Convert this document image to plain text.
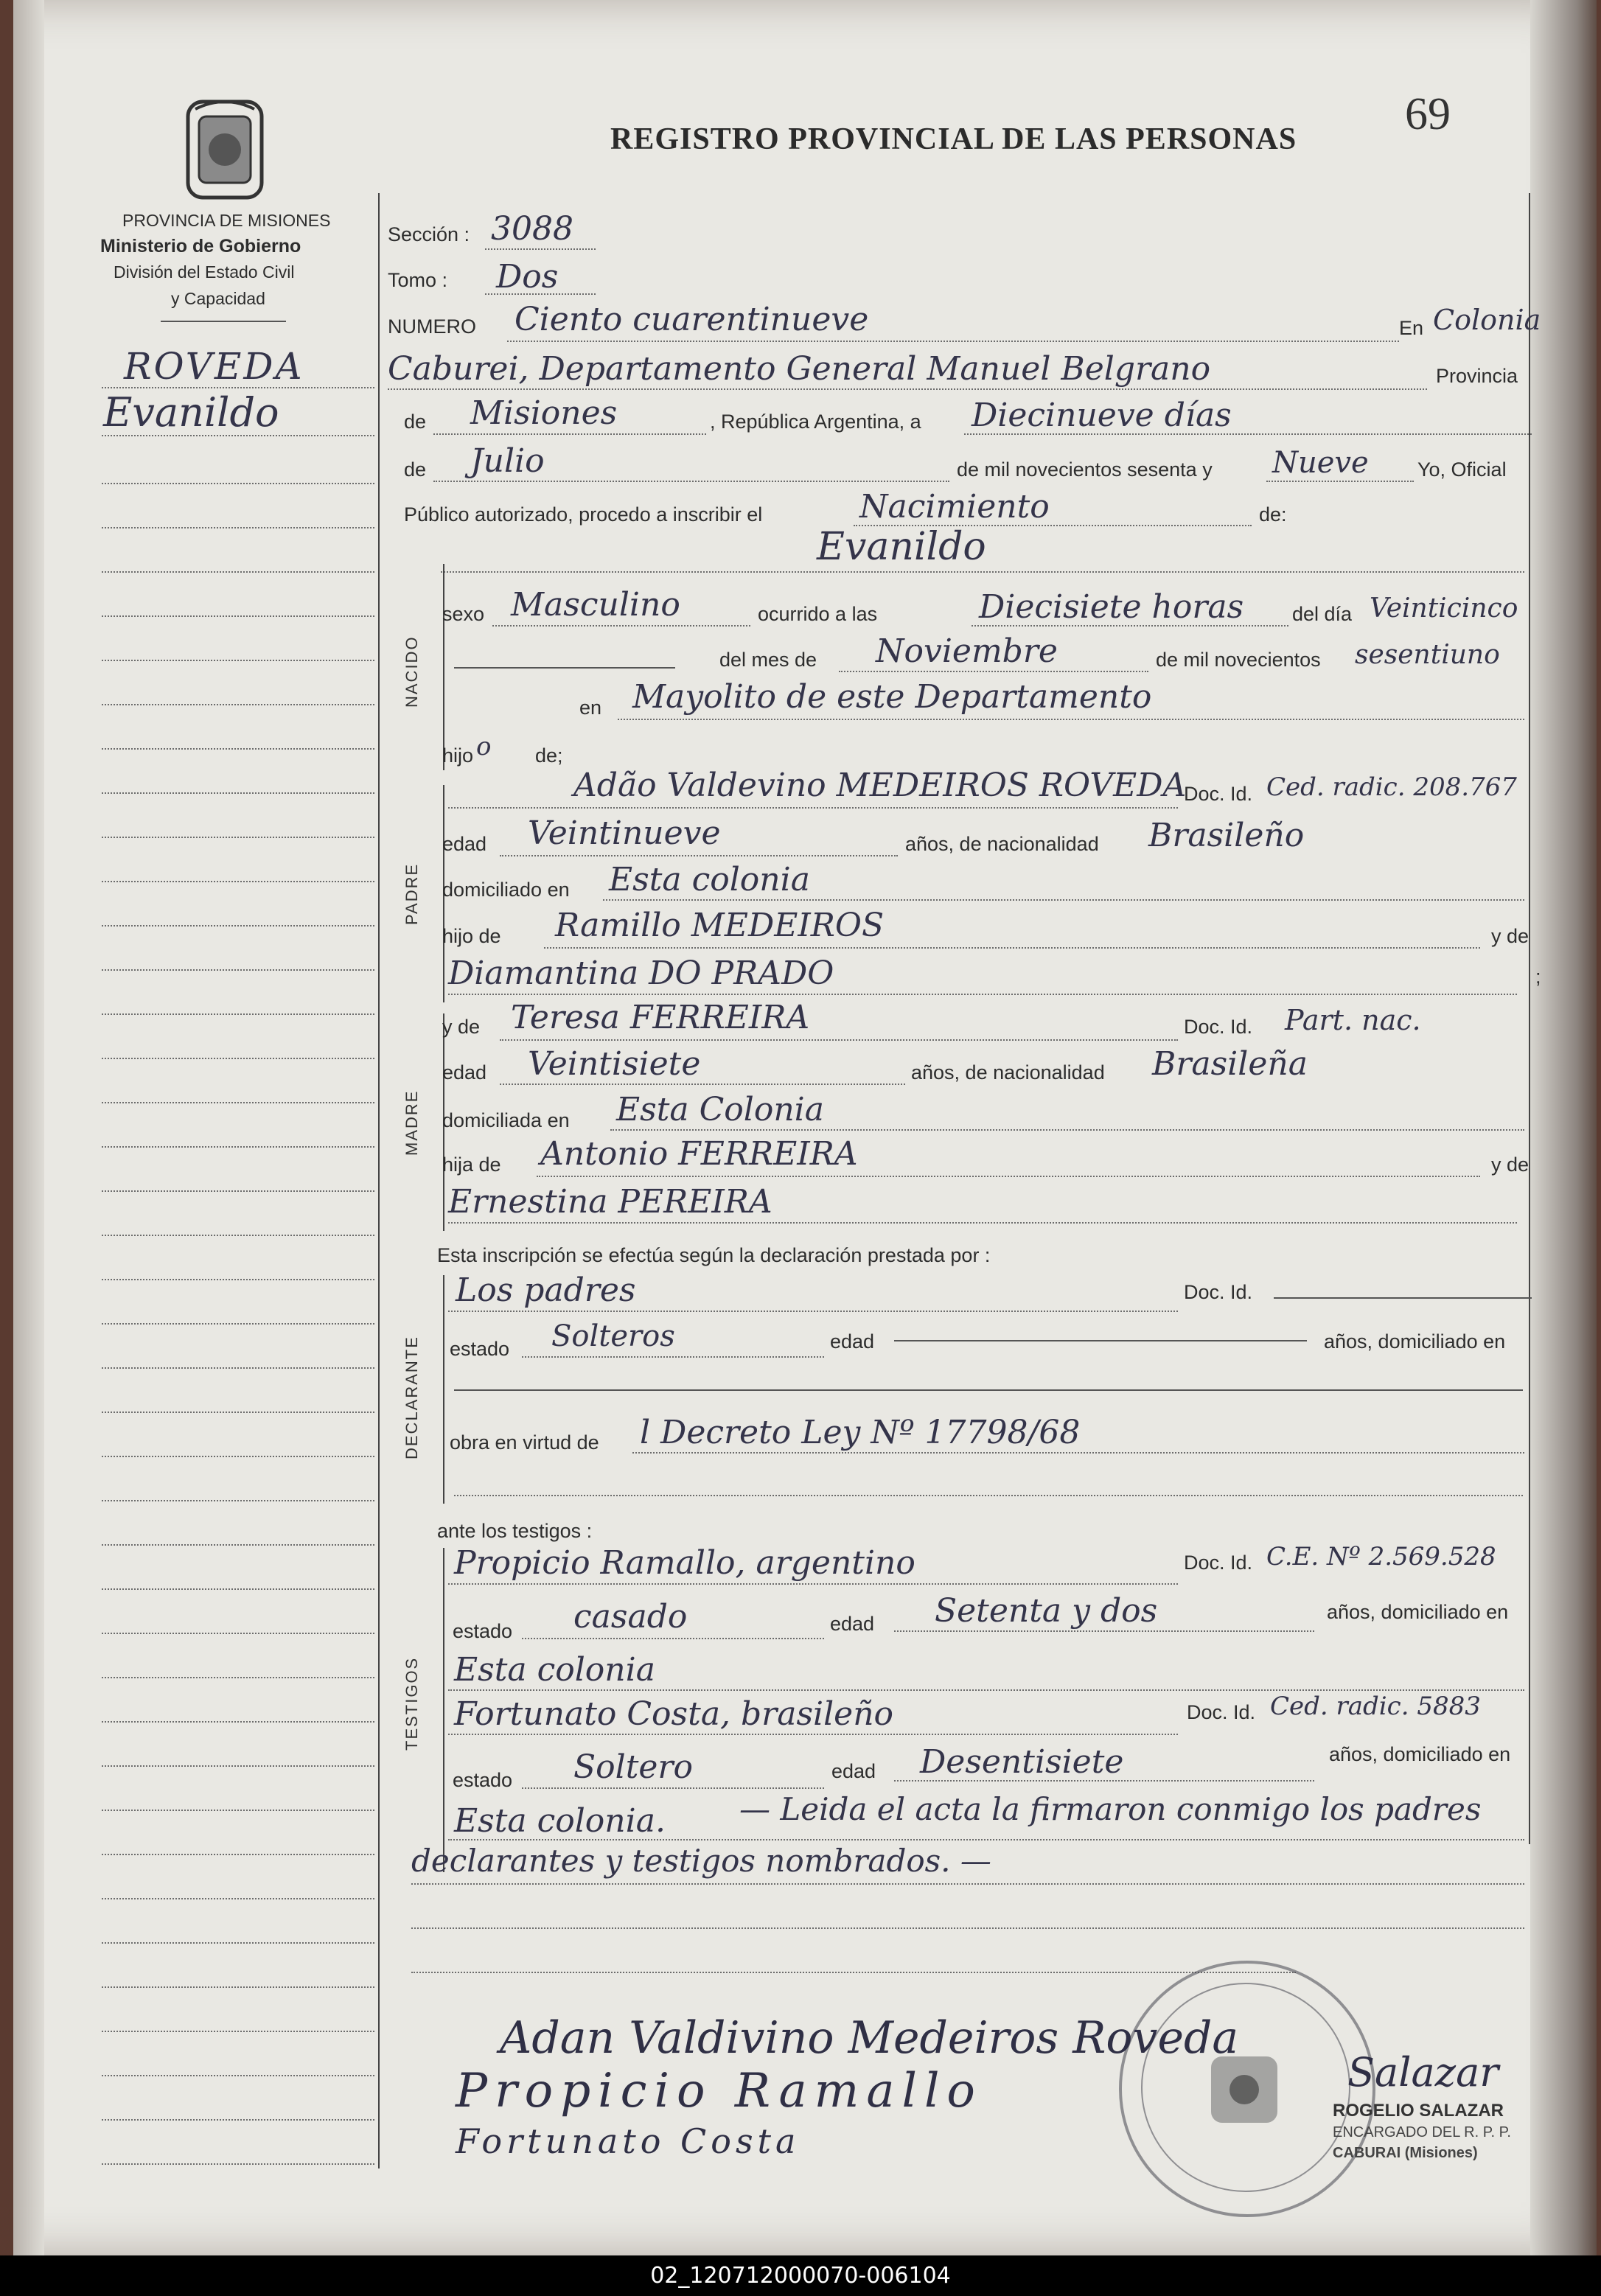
PROVINCIA DE MISIONES
Ministerio de Gobierno
División del Estado Civil
y Capacidad
REGISTRO PROVINCIAL DE LAS PERSONAS 69
ROVEDA
Evanildo
Sección : 3088
Tomo : Dos
NUMERO Ciento cuarentinueve	En Colonia
Caburei, Departamento General Manuel Belgrano	Provincia
de Misiones	, República Argentina, a Diecinueve días
de Julio	de mil novecientos sesenta y Nueve Yo, Oficial
Público autorizado, procedo a inscribir el	Nacimiento	de:
Evanildo
NACIDO
sexo Masculino	ocurrido a las	Diecisiete horas del día Veinticinco
del mes de Noviembre	de mil novecientos sesentiuno
en Mayolito de este Departamento
hijo o de;
PADRE
Adão Valdevino MEDEIROS ROVEDA
Doc. Id. Ced. radic. 208.767
edad Veintinueve	años, de nacionalidad Brasileño
domiciliado en Esta colonia
hijo de Ramillo MEDEIROS	y de
Diamantina DO PRADO	;
MADRE
y de Teresa FERREIRA	Doc. Id. Part. nac.
edad Veintisiete	años, de nacionalidad Brasileña
domiciliada en Esta Colonia
hija de Antonio FERREIRA	y de
Ernestina PEREIRA
Esta inscripción se efectúa según la declaración prestada por :
DECLARANTE
Los padres	Doc. Id.
estado Solteros	edad	años, domiciliado en
obra en virtud de l Decreto Ley Nº 17798/68
ante los testigos :
TESTIGOS
Propicio Ramallo, argentino	Doc. Id. C.E. Nº 2.569.528
estado casado	edad Setenta y dos	años, domiciliado en
Esta colonia
Fortunato Costa, brasileño	Doc. Id. Ced. radic. 5883
estado Soltero	edad Desentisiete	años, domiciliado en
Esta colonia. — Leida el acta la firmaron conmigo los padres
declarantes y testigos nombrados. —
ROGELIO SALAZAR
ENCARGADO DEL R. P. P.
CABURAI (Misiones)
Adan Valdivino Medeiros Roveda
Propicio Ramallo
Fortunato Costa
Salazar
02_120712000070-006104
